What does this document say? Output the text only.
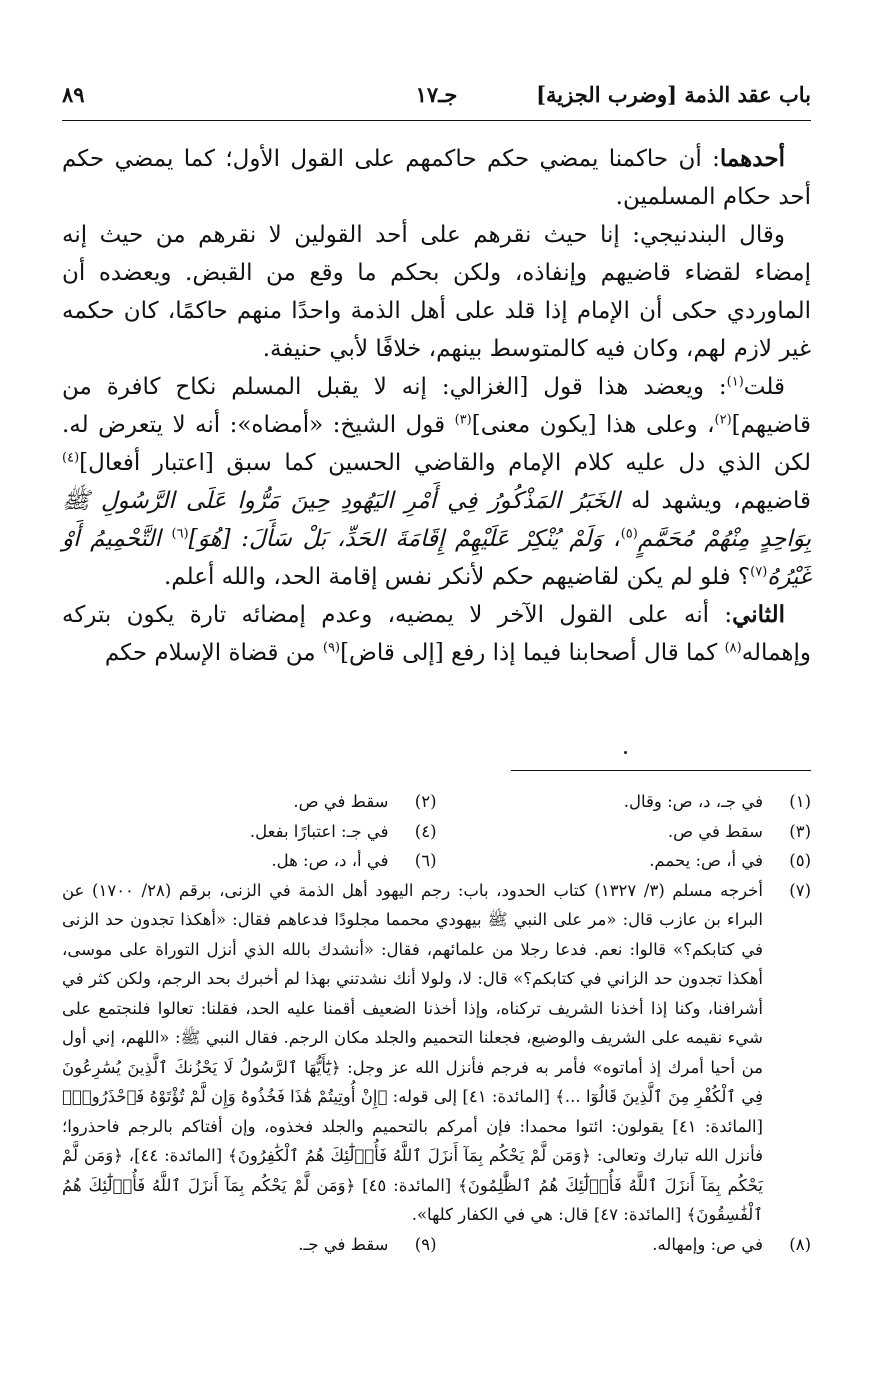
باب عقد الذمة [وضرب الجزية]
جـ١٧
٨٩

أحدهما: أن حاكمنا يمضي حكم حاكمهم على القول الأول؛ كما يمضي حكم أحد حكام المسلمين.

وقال البندنيجي: إنا حيث نقرهم على أحد القولين لا نقرهم من حيث إنه إمضاء لقضاء قاضيهم وإنفاذه، ولكن بحكم ما وقع من القبض. ويعضده أن الماوردي حكى أن الإمام إذا قلد على أهل الذمة واحدًا منهم حاكمًا، كان حكمه غير لازم لهم، وكان فيه كالمتوسط بينهم، خلافًا لأبي حنيفة.

قلت$^{(١)}$: ويعضد هذا قول [الغزالي: إنه لا يقبل المسلم نكاح كافرة من قاضيهم]$^{(٢)}$، وعلى هذا [يكون معنى]$^{(٣)}$ قول الشيخ: «أمضاه»: أنه لا يتعرض له. لكن الذي دل عليه كلام الإمام والقاضي الحسين كما سبق [اعتبار أفعال]$^{(٤)}$ قاضيهم، ويشهد له الخَبَرُ المَذْكُورُ فِي أَمْرِ اليَهُودِ حِينَ مَرُّوا عَلَى الرَّسُولِ ﷺ بِوَاحِدٍ مِنْهُمْ مُحَمَّمٍ$^{(٥)}$، وَلَمْ يُنْكِرْ عَلَيْهِمْ إِقَامَةَ الحَدِّ، بَلْ سَأَلَ: [هُوَ]$^{(٦)}$ التَّحْمِيمُ أَوْ غَيْرُهُ$^{(٧)}$؟ فلو لم يكن لقاضيهم حكم لأنكر نفس إقامة الحد، والله أعلم.

الثاني: أنه على القول الآخر لا يمضيه، وعدم إمضائه تارة يكون بتركه وإهماله$^{(٨)}$ كما قال أصحابنا فيما إذا رفع [إلى قاض]$^{(٩)}$ من قضاة الإسلام حكم

(١)
في جـ، د، ص: وقال.
(٢)
سقط في ص.
(٣)
سقط في ص.
(٤)
في جـ: اعتبارًا بفعل.
(٥)
في أ، ص: يحمم.
(٦)
في أ، د، ص: هل.
(٧)
أخرجه مسلم (٣/ ١٣٢٧) كتاب الحدود، باب: رجم اليهود أهل الذمة في الزنى، برقم (٢٨/ ١٧٠٠) عن البراء بن عازب قال: «مر على النبي ﷺ بيهودي محمما مجلودًا فدعاهم فقال: «أهكذا تجدون حد الزنى في كتابكم؟» قالوا: نعم. فدعا رجلا من علمائهم، فقال: «أنشدك بالله الذي أنزل التوراة على موسى، أهكذا تجدون حد الزاني في كتابكم؟» قال: لا، ولولا أنك نشدتني بهذا لم أخبرك بحد الرجم، ولكن كثر في أشرافنا، وكنا إذا أخذنا الشريف تركناه، وإذا أخذنا الضعيف أقمنا عليه الحد، فقلنا: تعالوا فلنجتمع على شيء نقيمه على الشريف والوضيع، فجعلنا التحميم والجلد مكان الرجم. فقال النبي ﷺ: «اللهم، إني أول من أحيا أمرك إذ أماتوه» فأمر به فرجم فأنزل الله عز وجل: ﴿يَٰٓأَيُّهَا ٱلرَّسُولُ لَا يَحْزُنكَ ٱلَّذِينَ يُسَٰرِعُونَ فِي ٱلْكُفْرِ مِنَ ٱلَّذِينَ قَالُوٓا ...﴾ [المائدة: ٤١] إلى قوله: ﴿إِنْ أُوتِيتُمْ هَٰذَا فَخُذُوهُ وَإِن لَّمْ تُؤْتَوْهُ فَٱحْذَرُوا۟﴾ [المائدة: ٤١] يقولون: ائتوا محمدا: فإن أمركم بالتحميم والجلد فخذوه، وإن أفتاكم بالرجم فاحذروا؛ فأنزل الله تبارك وتعالى: ﴿وَمَن لَّمْ يَحْكُم بِمَآ أَنزَلَ ٱللَّهُ فَأُو۟لَٰٓئِكَ هُمُ ٱلْكَٰفِرُونَ﴾ [المائدة: ٤٤]، ﴿وَمَن لَّمْ يَحْكُم بِمَآ أَنزَلَ ٱللَّهُ فَأُو۟لَٰٓئِكَ هُمُ ٱلظَّٰلِمُونَ﴾ [المائدة: ٤٥] ﴿وَمَن لَّمْ يَحْكُم بِمَآ أَنزَلَ ٱللَّهُ فَأُو۟لَٰٓئِكَ هُمُ ٱلْفَٰسِقُونَ﴾ [المائدة: ٤٧] قال: هي في الكفار كلها».
(٨)
في ص: وإمهاله.
(٩)
سقط في جـ.
